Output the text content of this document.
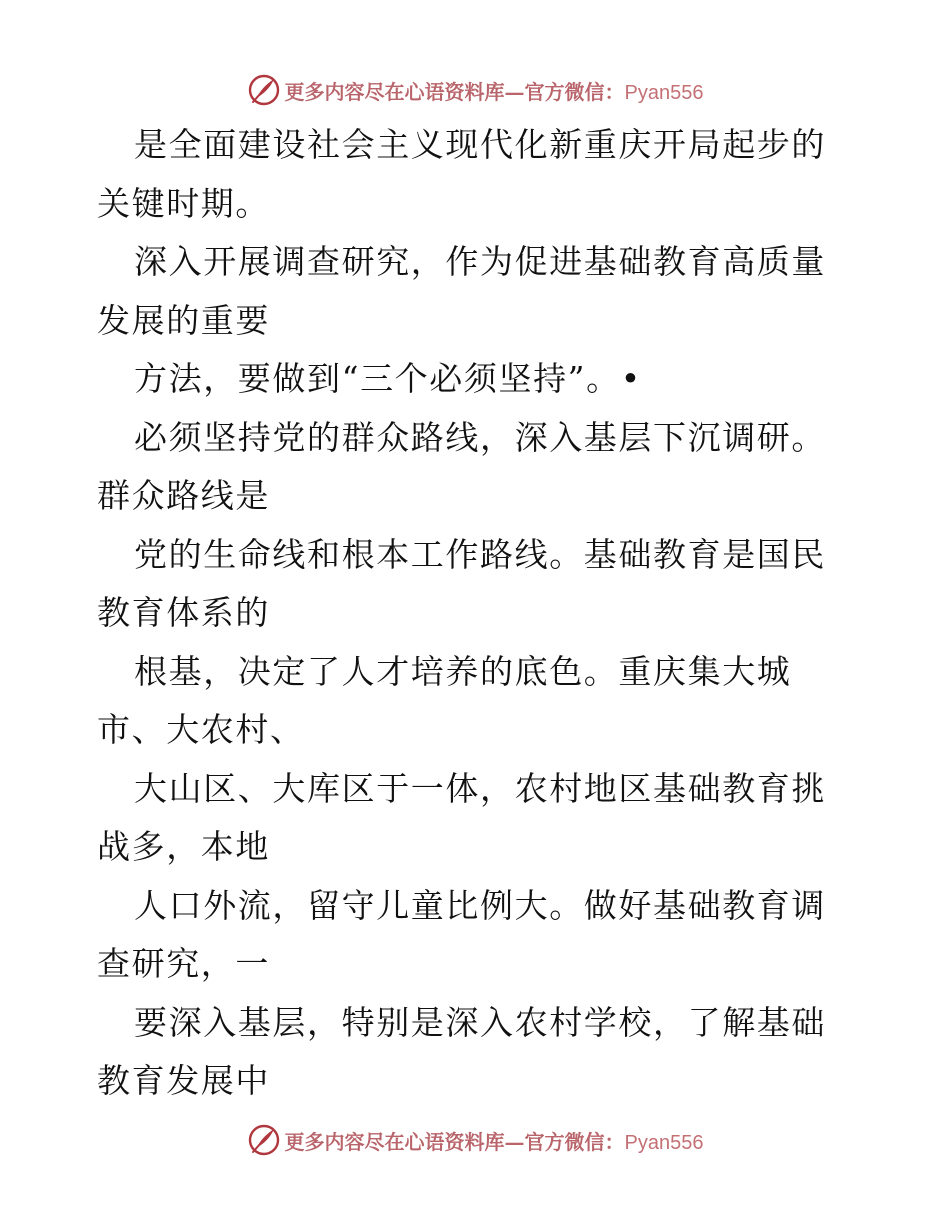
更多内容尽在心语资料库—官方微信：Pyan556

是全面建设社会主义现代化新重庆开局起步的关键时期。

深入开展调查研究，作为促进基础教育高质量发展的重要

方法，要做到“三个必须坚持”。•

必须坚持党的群众路线，深入基层下沉调研。群众路线是

党的生命线和根本工作路线。基础教育是国民教育体系的

根基，决定了人才培养的底色。重庆集大城市、大农村、

大山区、大库区于一体，农村地区基础教育挑战多，本地

人口外流，留守儿童比例大。做好基础教育调查研究，一

要深入基层，特别是深入农村学校，了解基础教育发展中

更多内容尽在心语资料库—官方微信：Pyan556
